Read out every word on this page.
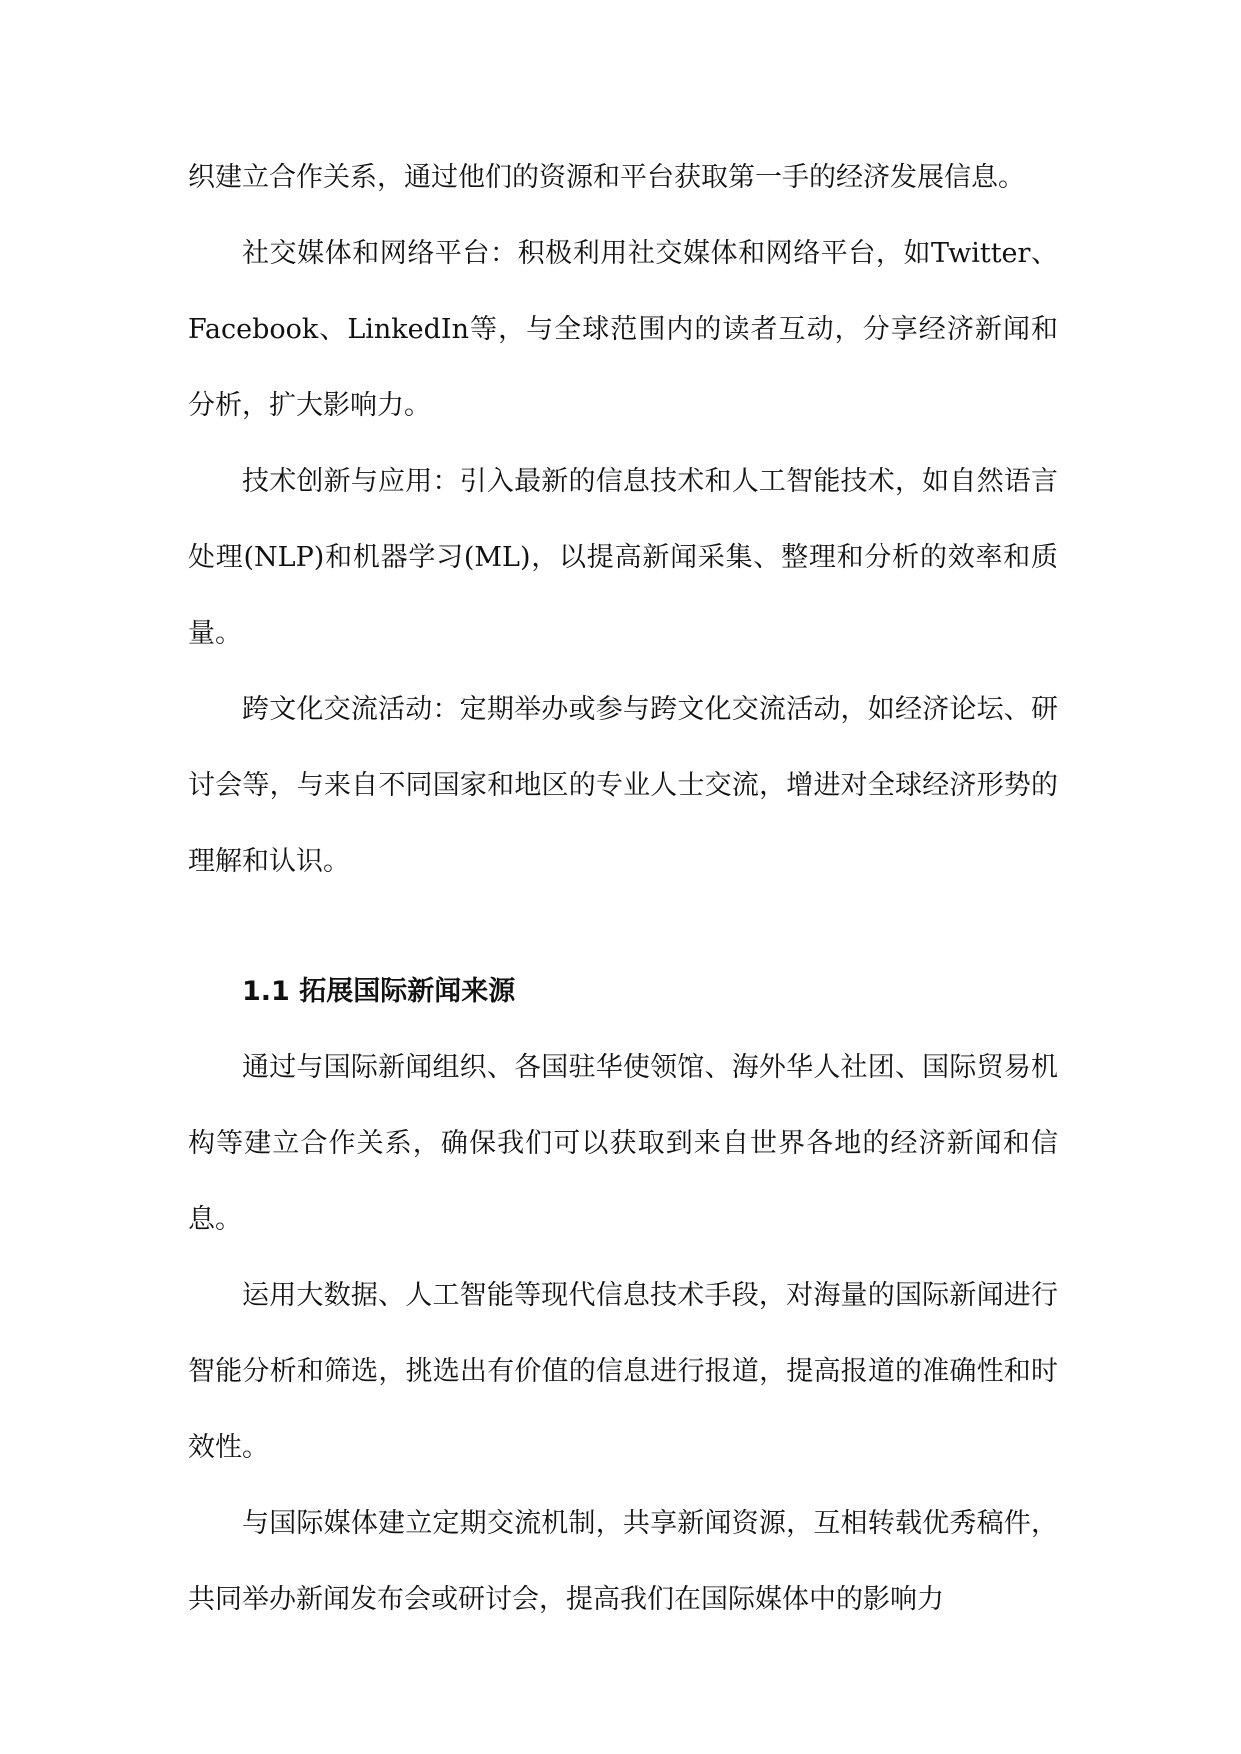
织建立合作关系，通过他们的资源和平台获取第一手的经济发展信息。

社交媒体和网络平台：积极利用社交媒体和网络平台，如Twitter、Facebook、LinkedIn等，与全球范围内的读者互动，分享经济新闻和分析，扩大影响力。

技术创新与应用：引入最新的信息技术和人工智能技术，如自然语言处理(NLP)和机器学习(ML)，以提高新闻采集、整理和分析的效率和质量。

跨文化交流活动：定期举办或参与跨文化交流活动，如经济论坛、研讨会等，与来自不同国家和地区的专业人士交流，增进对全球经济形势的理解和认识。

1.1 拓展国际新闻来源

通过与国际新闻组织、各国驻华使领馆、海外华人社团、国际贸易机构等建立合作关系，确保我们可以获取到来自世界各地的经济新闻和信息。

运用大数据、人工智能等现代信息技术手段，对海量的国际新闻进行智能分析和筛选，挑选出有价值的信息进行报道，提高报道的准确性和时效性。

与国际媒体建立定期交流机制，共享新闻资源，互相转载优秀稿件，共同举办新闻发布会或研讨会，提高我们在国际媒体中的影响力
